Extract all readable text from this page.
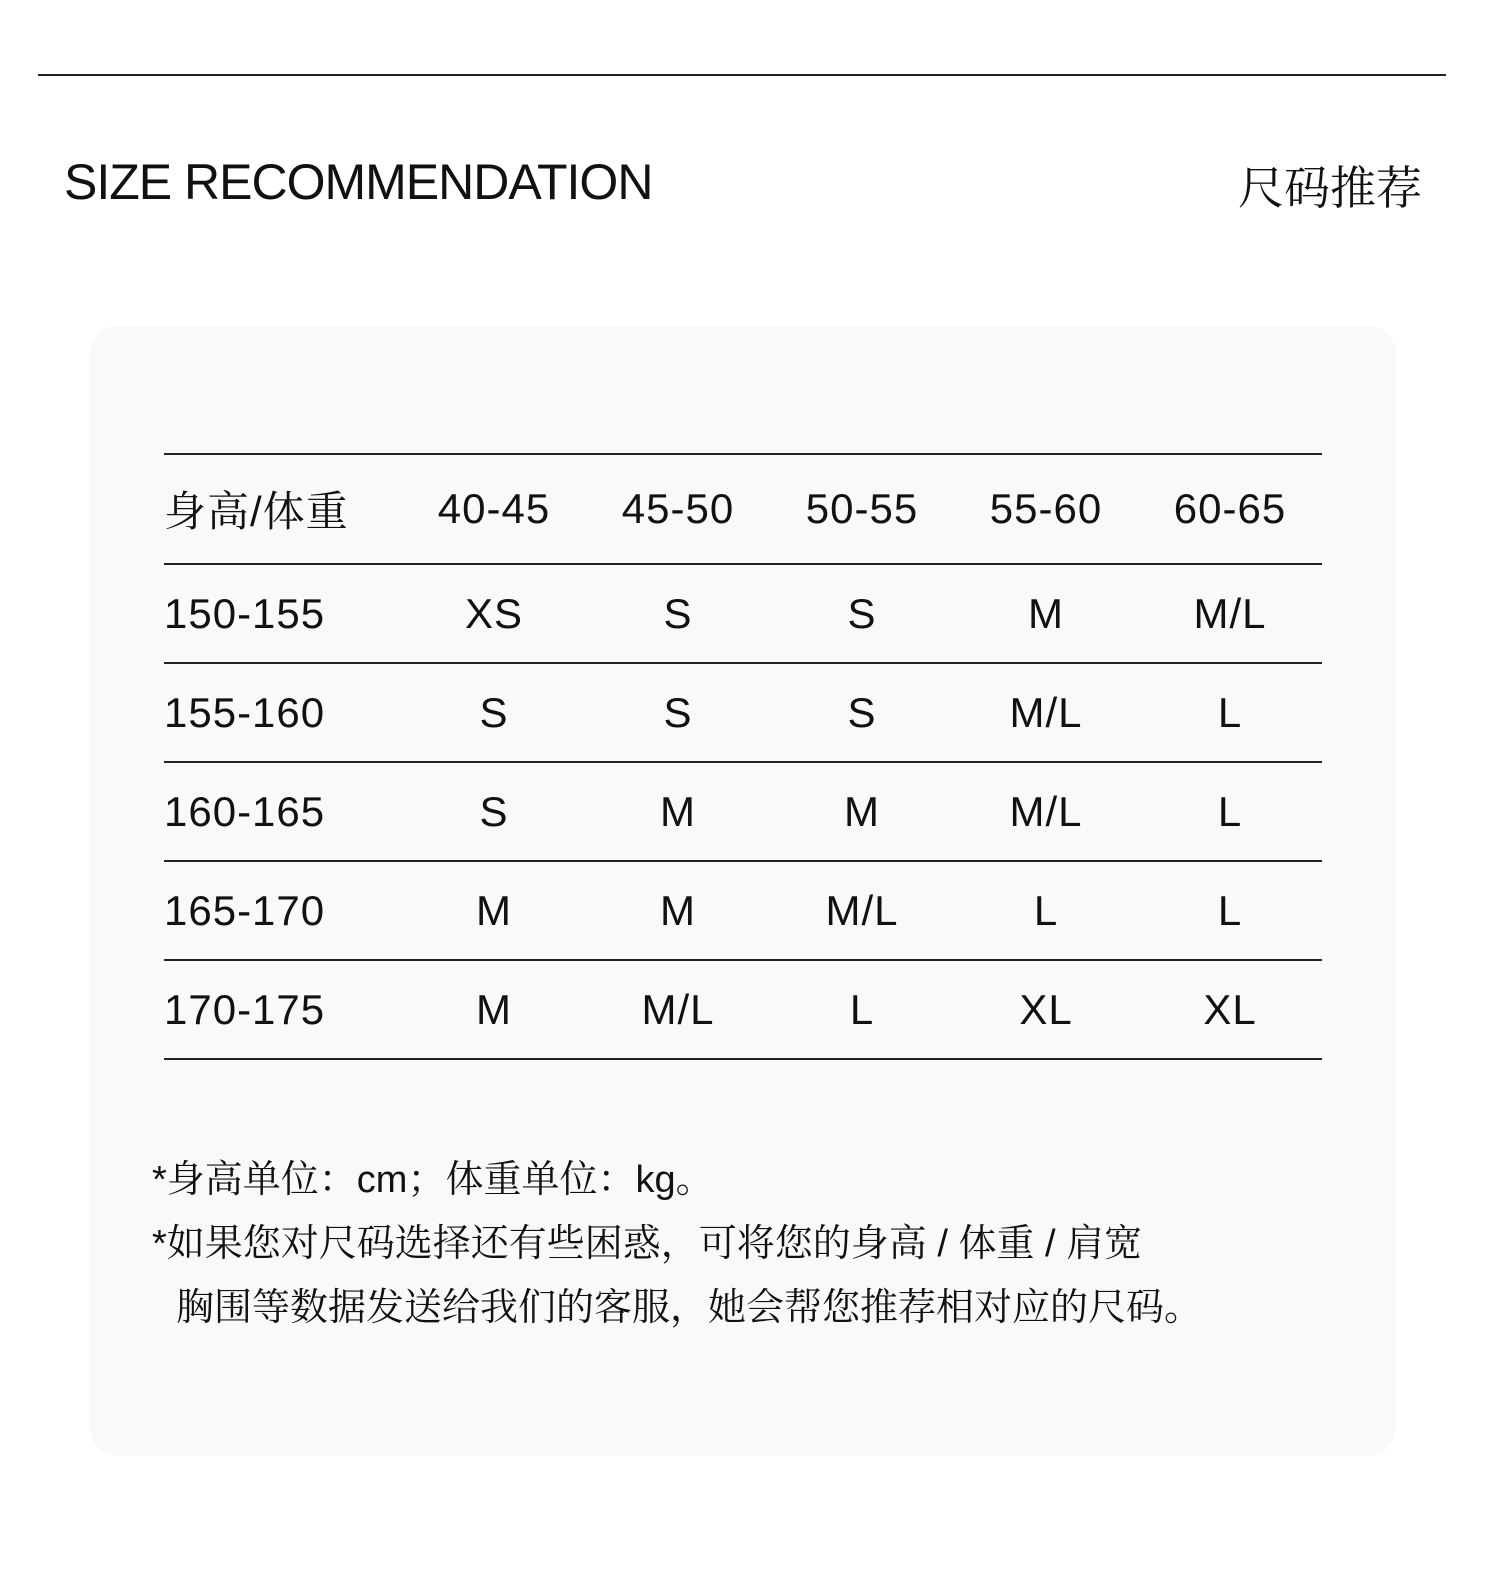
SIZE RECOMMENDATION	尺码推荐
身高/体重	40-45	45-50	50-55	55-60	60-65
150-155	XS	S	S	M	M/L
155-160	S	S	S	M/L	L
160-165	S	M	M	M/L	L
165-170	M	M	M/L	L	L
170-175	M	M/L	L	XL	XL
*身高单位：cm；体重单位：kg。
*如果您对尺码选择还有些困惑，可将您的身高 / 体重 / 肩宽
胸围等数据发送给我们的客服，她会帮您推荐相对应的尺码。
